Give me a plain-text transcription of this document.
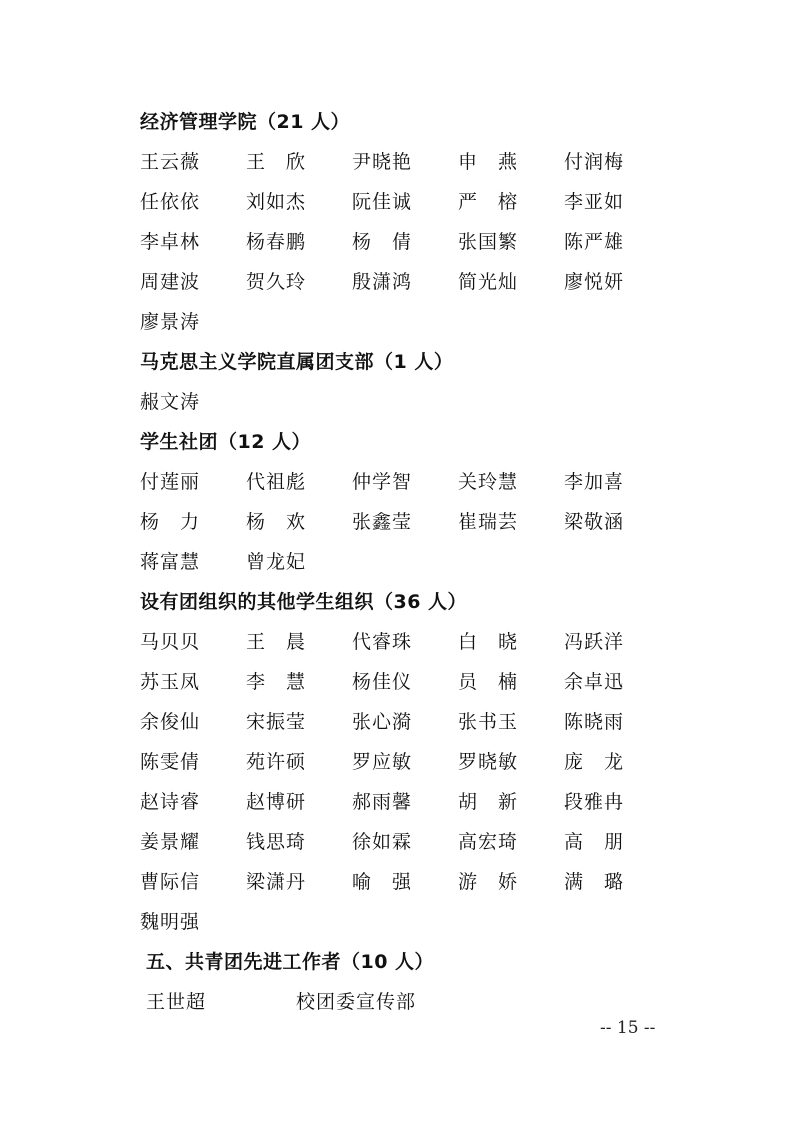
经济管理学院（21 人）
王云薇 王　欣 尹晓艳 申　燕 付润梅
任依依 刘如杰 阮佳诚 严　榕 李亚如
李卓林 杨春鹏 杨　倩 张国繁 陈严雄
周建波 贺久玲 殷潇鸿 简光灿 廖悦妍
廖景涛
马克思主义学院直属团支部（1 人）
赧文涛
学生社团（12 人）
付莲丽 代祖彪 仲学智 关玲慧 李加喜
杨　力 杨　欢 张鑫莹 崔瑞芸 梁敬涵
蒋富慧 曾龙妃
设有团组织的其他学生组织（36 人）
马贝贝 王　晨 代睿珠 白　晓 冯跃洋
苏玉凤 李　慧 杨佳仪 员　楠 余卓迅
余俊仙 宋振莹 张心漪 张书玉 陈晓雨
陈雯倩 苑许硕 罗应敏 罗晓敏 庞　龙
赵诗睿 赵博研 郝雨馨 胡　新 段雅冉
姜景耀 钱思琦 徐如霖 高宏琦 高　朋
曹际信 梁潇丹 喻　强 游　娇 满　璐
魏明强
五、共青团先进工作者（10 人）
王世超	校团委宣传部
-- 15 --
